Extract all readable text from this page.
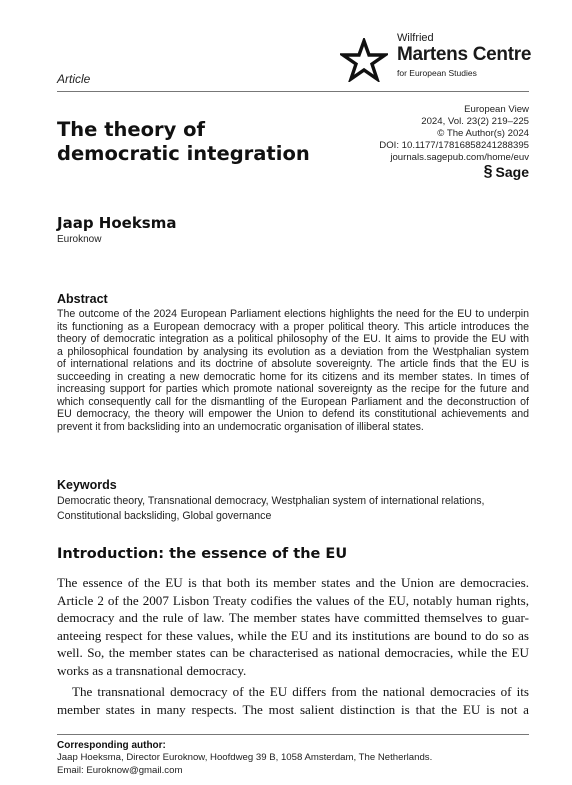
Wilfried
Martens Centre
for European Studies
Article
European View
2024, Vol. 23(2) 219–225
© The Author(s) 2024
DOI: 10.1177/17816858241288395
journals.sagepub.com/home/euv
§ Sage
The theory of
democratic integration
Jaap Hoeksma
Euroknow
Abstract
The outcome of the 2024 European Parliament elections highlights the need for the EU to underpin
its functioning as a European democracy with a proper political theory. This article introduces the
theory of democratic integration as a political philosophy of the EU. It aims to provide the EU with
a philosophical foundation by analysing its evolution as a deviation from the Westphalian system
of international relations and its doctrine of absolute sovereignty. The article finds that the EU is
succeeding in creating a new democratic home for its citizens and its member states. In times of
increasing support for parties which promote national sovereignty as the recipe for the future and
which consequently call for the dismantling of the European Parliament and the deconstruction of
EU democracy, the theory will empower the Union to defend its constitutional achievements and
prevent it from backsliding into an undemocratic organisation of illiberal states.
Keywords
Democratic theory, Transnational democracy, Westphalian system of international relations,
Constitutional backsliding, Global governance
Introduction: the essence of the EU
The essence of the EU is that both its member states and the Union are democracies.
Article 2 of the 2007 Lisbon Treaty codifies the values of the EU, notably human rights,
democracy and the rule of law. The member states have committed themselves to guar-
anteeing respect for these values, while the EU and its institutions are bound to do so as
well. So, the member states can be characterised as national democracies, while the EU
works as a transnational democracy.
The transnational democracy of the EU differs from the national democracies of its
member states in many respects. The most salient distinction is that the EU is not a
Corresponding author:
Jaap Hoeksma, Director Euroknow, Hoofdweg 39 B, 1058 Amsterdam, The Netherlands.
Email: Euroknow@gmail.com
